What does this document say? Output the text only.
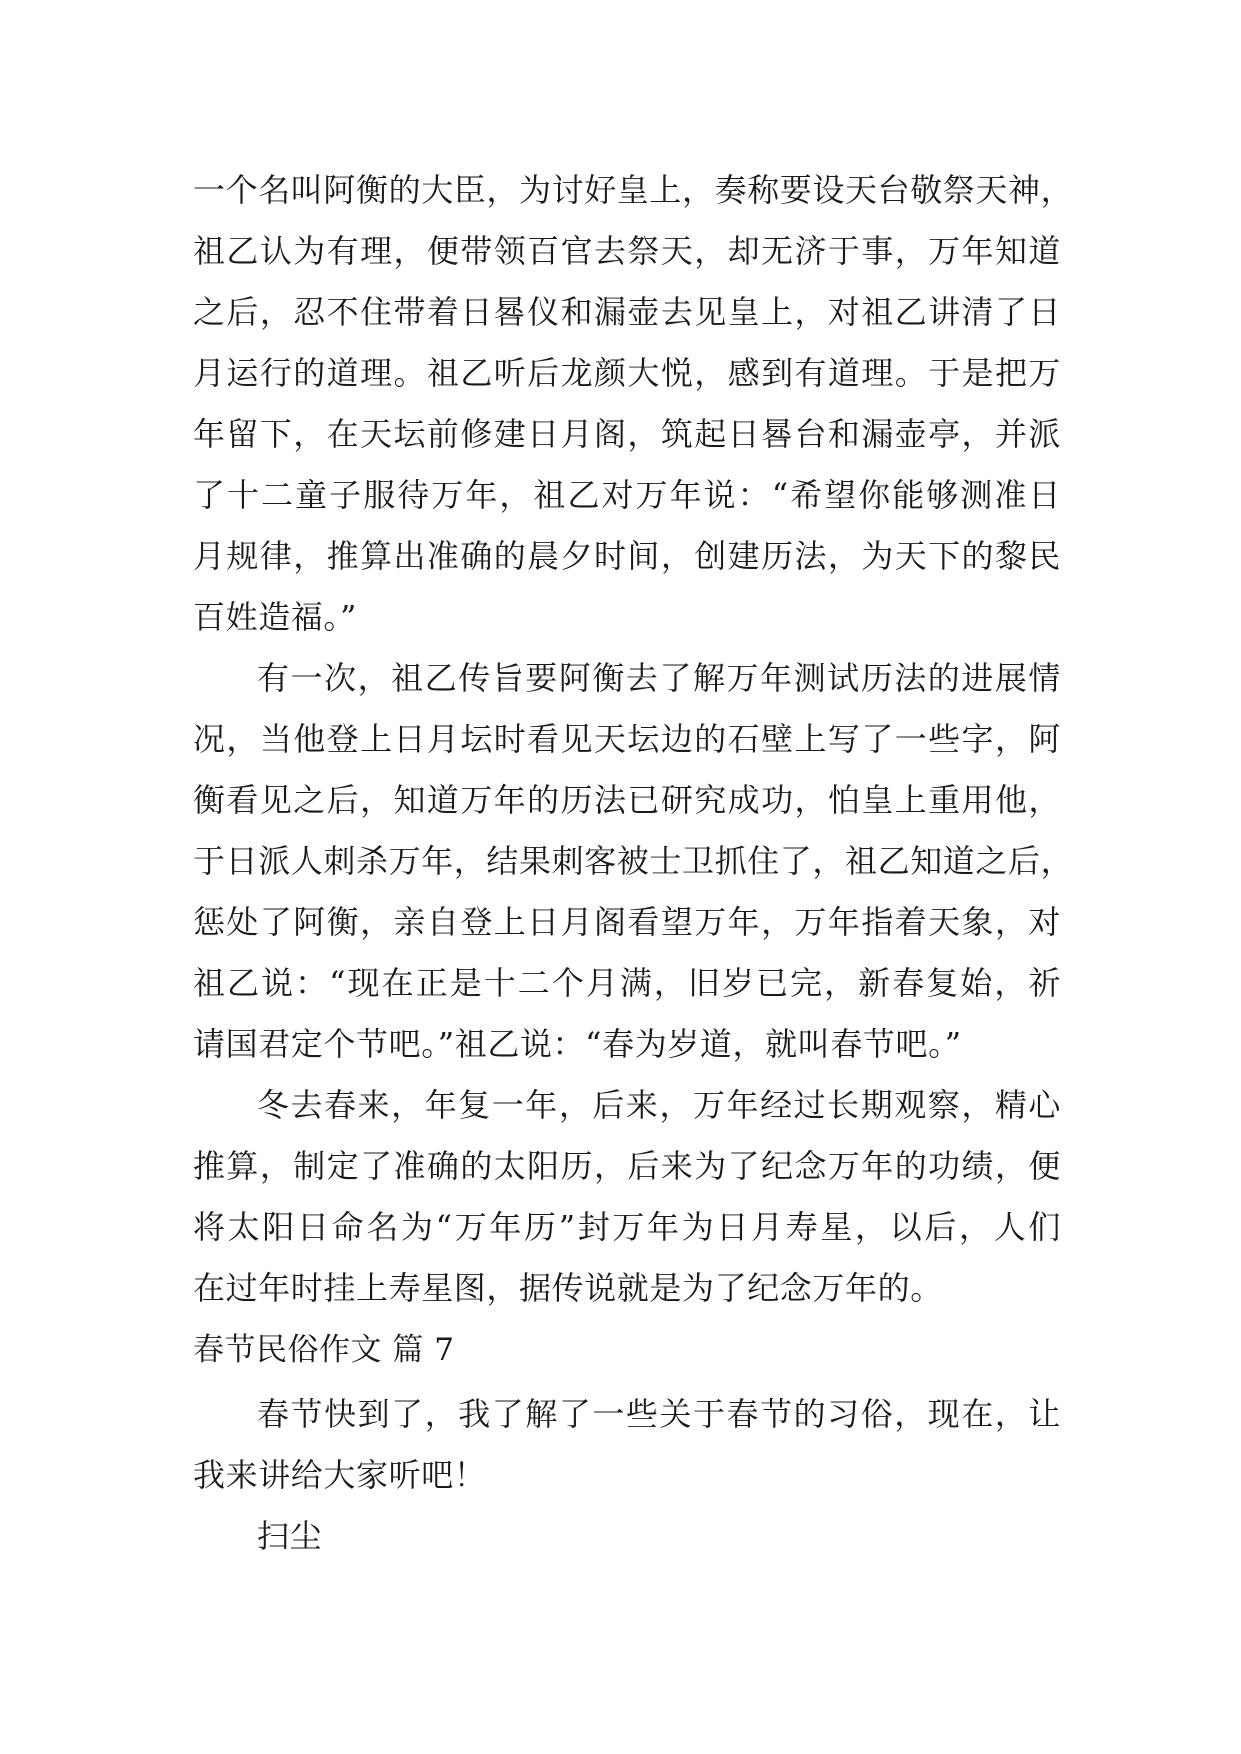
一个名叫阿衡的大臣，为讨好皇上，奏称要设天台敬祭天神，
祖乙认为有理，便带领百官去祭天，却无济于事，万年知道
之后，忍不住带着日晷仪和漏壶去见皇上，对祖乙讲清了日
月运行的道理。祖乙听后龙颜大悦，感到有道理。于是把万
年留下，在天坛前修建日月阁，筑起日晷台和漏壶亭，并派
了十二童子服待万年，祖乙对万年说：“希望你能够测准日
月规律，推算出准确的晨夕时间，创建历法，为天下的黎民
百姓造福。”
有一次，祖乙传旨要阿衡去了解万年测试历法的进展情
况，当他登上日月坛时看见天坛边的石壁上写了一些字，阿
衡看见之后，知道万年的历法已研究成功，怕皇上重用他，
于日派人刺杀万年，结果刺客被士卫抓住了，祖乙知道之后，
惩处了阿衡，亲自登上日月阁看望万年，万年指着天象，对
祖乙说：“现在正是十二个月满，旧岁已完，新春复始，祈
请国君定个节吧。”祖乙说：“春为岁道，就叫春节吧。”
冬去春来，年复一年，后来，万年经过长期观察，精心
推算，制定了准确的太阳历，后来为了纪念万年的功绩，便
将太阳日命名为“万年历”封万年为日月寿星，以后，人们
在过年时挂上寿星图，据传说就是为了纪念万年的。
春节民俗作文 篇 7
春节快到了，我了解了一些关于春节的习俗，现在，让
我来讲给大家听吧！
扫尘
